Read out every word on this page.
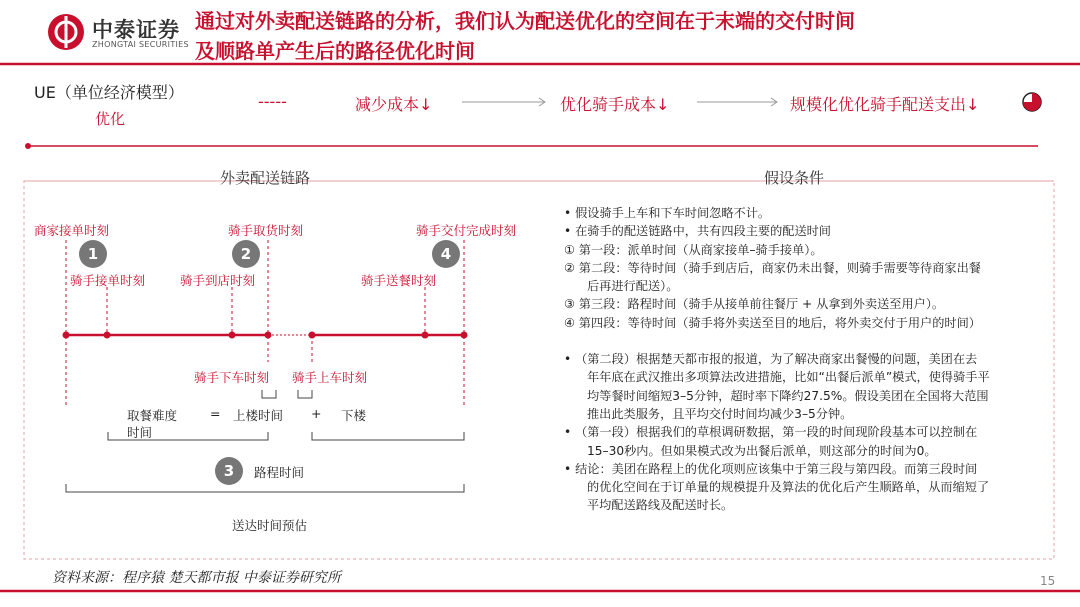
中泰证券
ZHONGTAI SECURITIES
通过对外卖配送链路的分析，我们认为配送优化的空间在于末端的交付时间
及顺路单产生后的路径优化时间
UE（单位经济模型）
优化
-----	减少成本↓	优化骑手成本↓	规模化优化骑手配送支出↓
外卖配送链路	假设条件
商家接单时刻	骑手取货时刻	骑手交付完成时刻
1	2	4
骑手接单时刻	骑手到店时刻	骑手送餐时刻
骑手下车时刻 骑手上车时刻
取餐难度
时间
= 上楼时间 + 下楼
3	路程时间
送达时间预估

• 假设骑手上车和下车时间忽略不计。

• 在骑手的配送链路中，共有四段主要的配送时间

① 第一段：派单时间（从商家接单–骑手接单）。

② 第二段：等待时间（骑手到店后，商家仍未出餐，则骑手需要等待商家出餐

后再进行配送）。

③ 第三段：路程时间（骑手从接单前往餐厅 + 从拿到外卖送至用户）。

④ 第四段：等待时间（骑手将外卖送至目的地后，将外卖交付于用户的时间）

• （第二段）根据楚天都市报的报道，为了解决商家出餐慢的问题，美团在去

年年底在武汉推出多项算法改进措施，比如“出餐后派单”模式，使得骑手平

均等餐时间缩短3–5分钟，超时率下降约27.5%。假设美团在全国将大范围

推出此类服务，且平均交付时间均减少3–5分钟。

• （第一段）根据我们的草根调研数据，第一段的时间现阶段基本可以控制在

15–30秒内。但如果模式改为出餐后派单，则这部分的时间为0。

• 结论：美团在路程上的优化项则应该集中于第三段与第四段。而第三段时间

的优化空间在于订单量的规模提升及算法的优化后产生顺路单，从而缩短了

平均配送路线及配送时长。

资料来源：程序猿 楚天都市报 中泰证券研究所	15
